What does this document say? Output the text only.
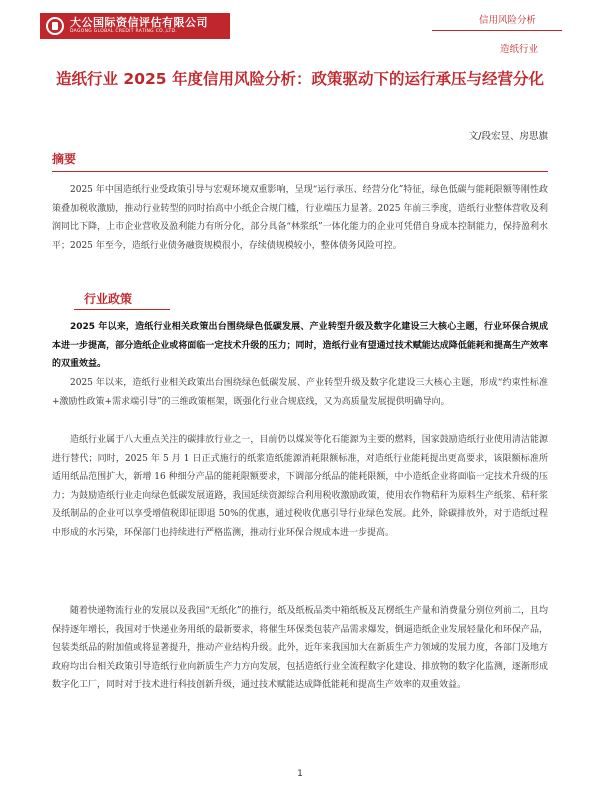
大公国际资信评估有限公司
DAGONG GLOBAL CREDIT RATING CO.,LTD.
信用风险分析
造纸行业
造纸行业 2025 年度信用风险分析：政策驱动下的运行承压与经营分化
文/段宏昱、房思旗
摘要

2025 年中国造纸行业受政策引导与宏观环境双重影响，呈现“运行承压、经营分化”特征，绿色低碳与能耗限额等刚性政策叠加税收激励，推动行业转型的同时抬高中小纸企合规门槛，行业端压力显著。2025 年前三季度，造纸行业整体营收及利润同比下降，上市企业营收及盈利能力有所分化，部分具备“林浆纸”一体化能力的企业可凭借自身成本控制能力，保持盈利水平；2025 年至今，造纸行业债务融资规模很小，存续债规模较小，整体债务风险可控。

行业政策

2025 年以来，造纸行业相关政策出台围绕绿色低碳发展、产业转型升级及数字化建设三大核心主题，行业环保合规成本进一步提高，部分造纸企业或将面临一定技术升级的压力；同时，造纸行业有望通过技术赋能达成降低能耗和提高生产效率的双重效益。

2025 年以来，造纸行业相关政策出台围绕绿色低碳发展、产业转型升级及数字化建设三大核心主题，形成“约束性标准+激励性政策+需求端引导”的三维政策框架，既强化行业合规底线，又为高质量发展提供明确导向。

造纸行业属于八大重点关注的碳排放行业之一，目前仍以煤炭等化石能源为主要的燃料，国家鼓励造纸行业使用清洁能源进行替代；同时，2025 年 5 月 1 日正式施行的纸浆造纸能源消耗限额标准，对造纸行业能耗提出更高要求，该限额标准所适用纸品范围扩大，新增 16 种细分产品的能耗限额要求，下调部分纸品的能耗限额，中小造纸企业将面临一定技术升级的压力；为鼓励造纸行业走向绿色低碳发展道路，我国延续资源综合利用税收激励政策，使用农作物秸秆为原料生产纸浆、秸秆浆及纸制品的企业可以享受增值税即征即退 50%的优惠，通过税收优惠引导行业绿色发展。此外，除碳排放外，对于造纸过程中形成的水污染，环保部门也持续进行严格监测，推动行业环保合规成本进一步提高。

随着快递物流行业的发展以及我国“无纸化”的推行，纸及纸板品类中箱纸板及瓦楞纸生产量和消费量分别位列前二，且均保持逐年增长，我国对于快递业务用纸的最新要求，将催生环保类包装产品需求爆发，倒逼造纸企业发展轻量化和环保产品，包装类纸品的附加值或将显著提升，推动产业结构升级。此外，近年来我国加大在新质生产力领域的发展力度，各部门及地方政府均出台相关政策引导造纸行业向新质生产力方向发展，包括造纸行业全流程数字化建设、排放物的数字化监测，逐渐形成数字化工厂，同时对于技术进行科技创新升级，通过技术赋能达成降低能耗和提高生产效率的双重效益。

1
